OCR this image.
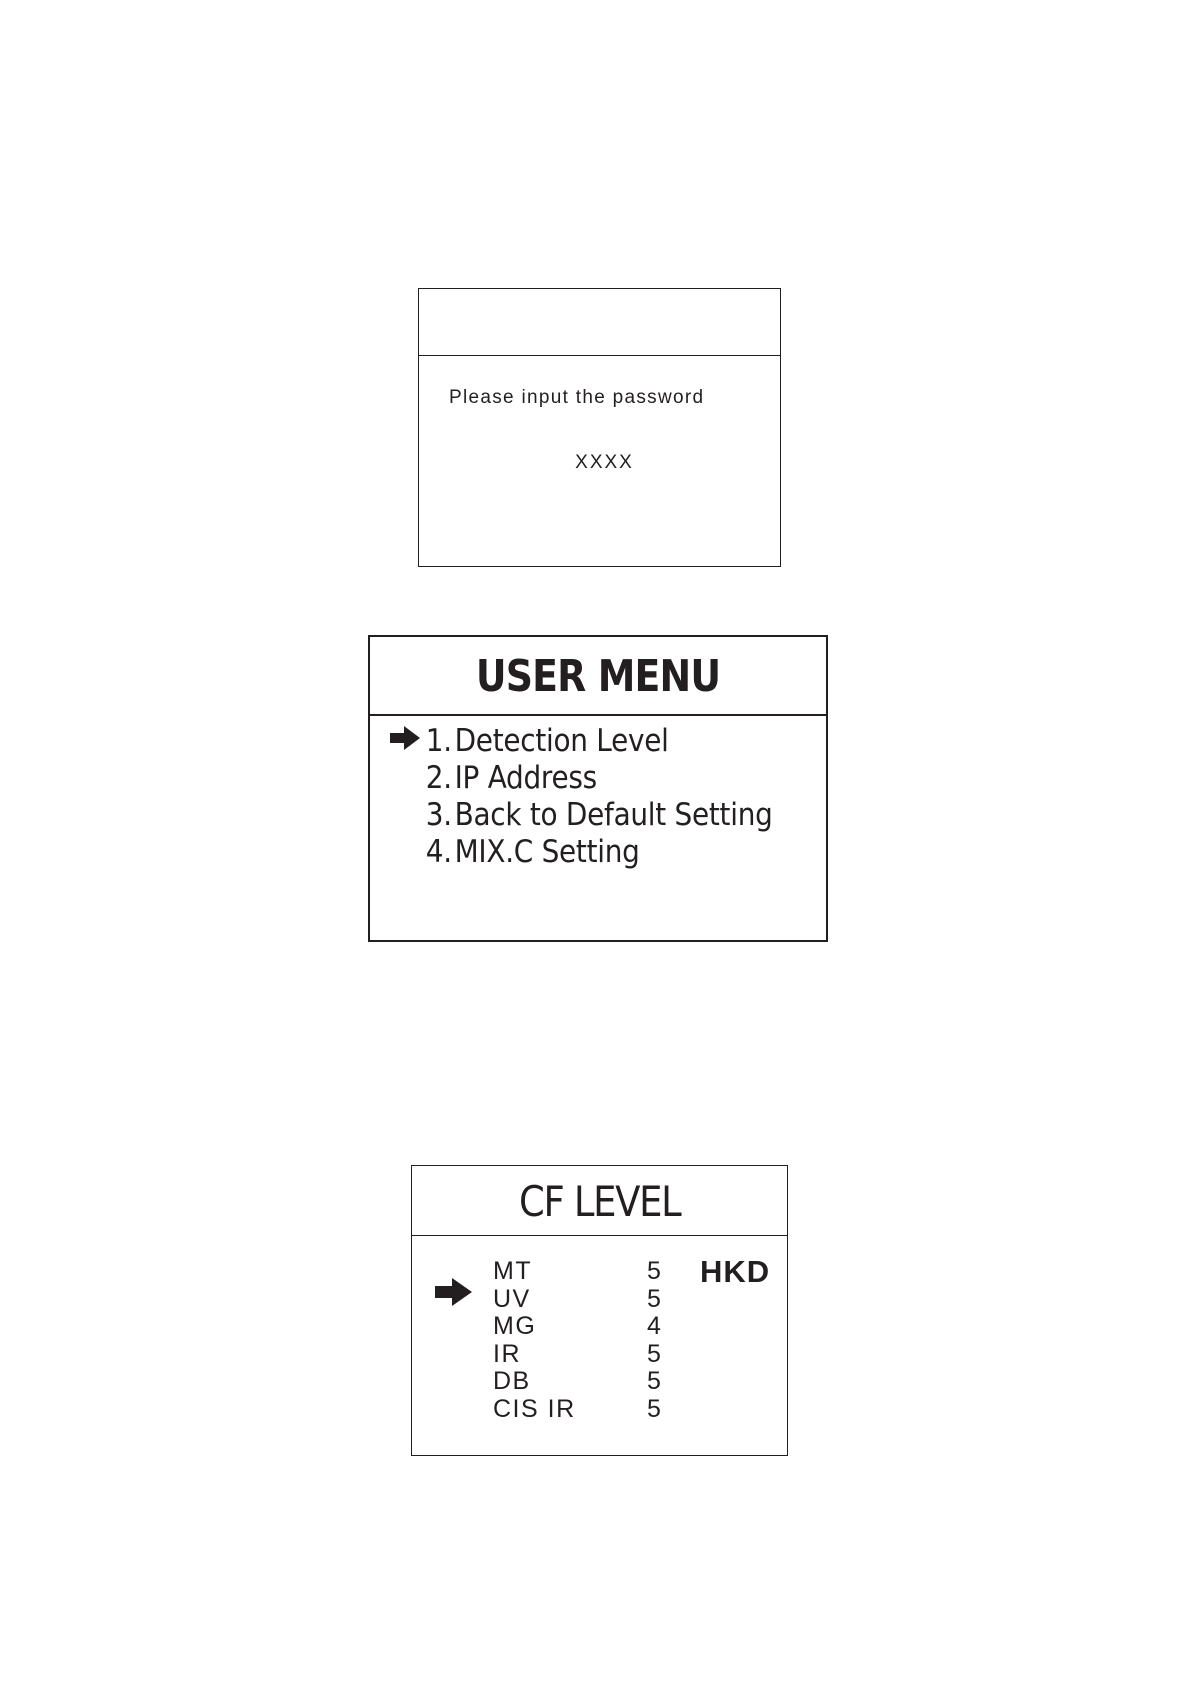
Please input the password
XXXX
USER MENU
1.Detection Level
2.IP Address
3.Back to Default Setting
4.MIX.C Setting
CF LEVEL
HKD
MT	5
UV	5
MG	4
IR	5
DB	5
CIS IR	5
